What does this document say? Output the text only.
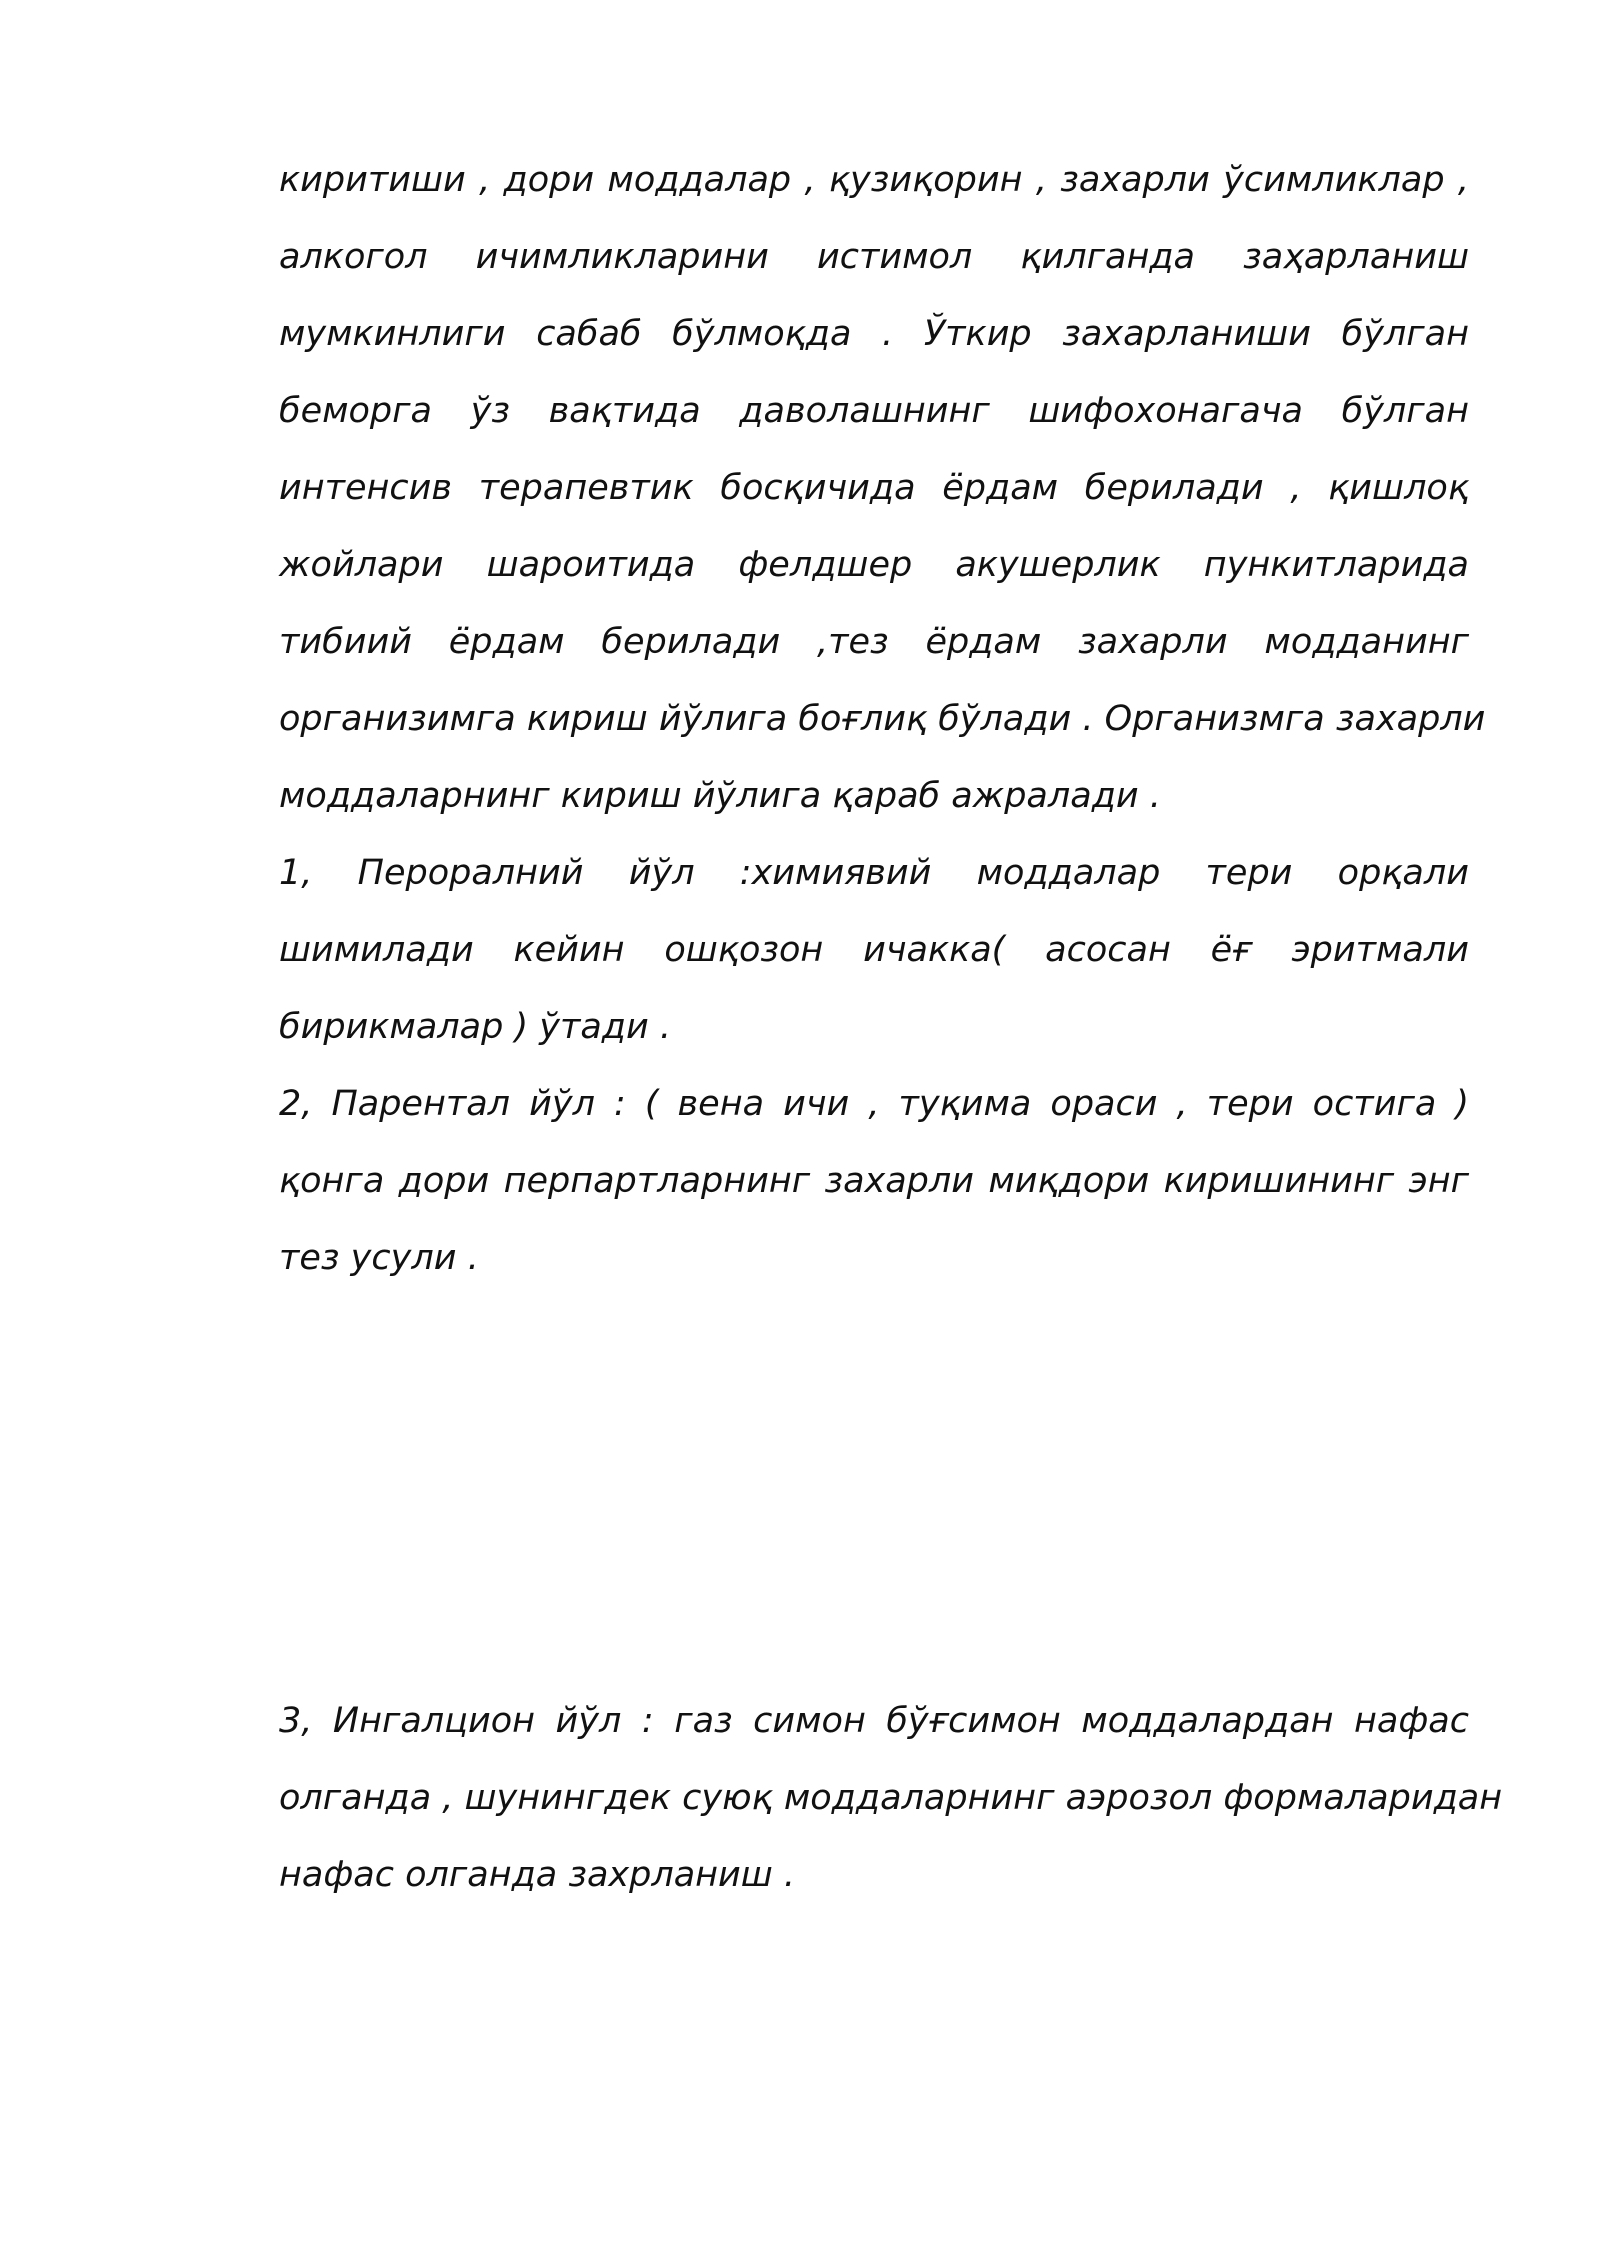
киритиши , дори моддалар , қузиқорин , захарли ўсимликлар ,
алкогол ичимликларини истимол қилганда заҳарланиш
мумкинлиги сабаб бўлмоқда . Ўткир захарланиши бўлган
беморга ўз вақтида даволашнинг шифохонагача бўлган
интенсив терапевтик босқичида ёрдам берилади , қишлоқ
жойлари шароитида фелдшер акушерлик пункитларида
тибиий ёрдам берилади ,тез ёрдам захарли модданинг
организимга кириш йўлига боғлиқ бўлади . Организмга захарли
моддаларнинг кириш йўлига қараб ажралади .
1, Пероралний йўл :химиявий моддалар тери орқали
шимилади кейин ошқозон ичакка( асосан ёғ эритмали
бирикмалар ) ўтади .
2, Парентал йўл : ( вена ичи , туқима ораси , тери остига )
қонга дори перпартларнинг захарли миқдори киришининг энг
тез усули .
3, Ингалцион йўл : газ симон бўғсимон моддалардан нафас
олганда , шунингдек суюқ моддаларнинг аэрозол формаларидан
нафас олганда захрланиш .
